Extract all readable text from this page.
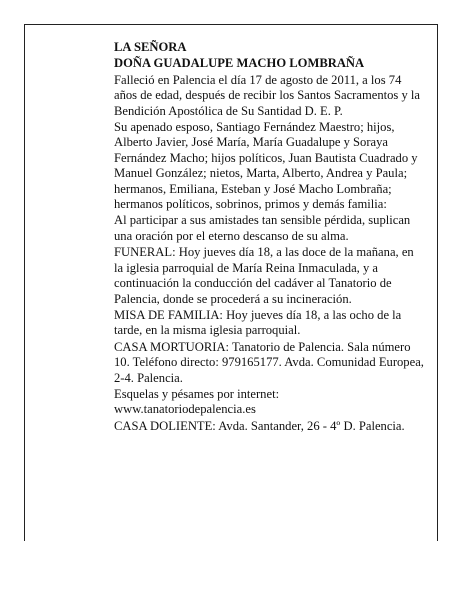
LA SEÑORA

DOÑA GUADALUPE MACHO LOMBRAÑA

Falleció en Palencia el día 17 de agosto de 2011, a los 74 años de edad, después de recibir los Santos Sacramentos y la Bendición Apostólica de Su Santidad D. E. P.

Su apenado esposo, Santiago Fernández Maestro; hijos, Alberto Javier, José María, María Guadalupe y Soraya Fernández Macho; hijos políticos, Juan Bautista Cuadrado y Manuel González; nietos, Marta, Alberto, Andrea y Paula; hermanos, Emiliana, Esteban y José Macho Lombraña; hermanos políticos, sobrinos, primos y demás familia:

Al participar a sus amistades tan sensible pérdida, suplican una oración por el eterno descanso de su alma.

FUNERAL: Hoy jueves día 18, a las doce de la mañana, en la iglesia parroquial de María Reina Inmaculada, y a continuación la conducción del cadáver al Tanatorio de Palencia, donde se procederá a su incineración.

MISA DE FAMILIA: Hoy jueves día 18, a las ocho de la tarde, en la misma iglesia parroquial.

CASA MORTUORIA: Tanatorio de Palencia. Sala número 10. Teléfono directo: 979165177. Avda. Comunidad Europea, 2-4. Palencia.

Esquelas y pésames por internet: www.tanatoriodepalencia.es

CASA DOLIENTE: Avda. Santander, 26 - 4º D. Palencia.
